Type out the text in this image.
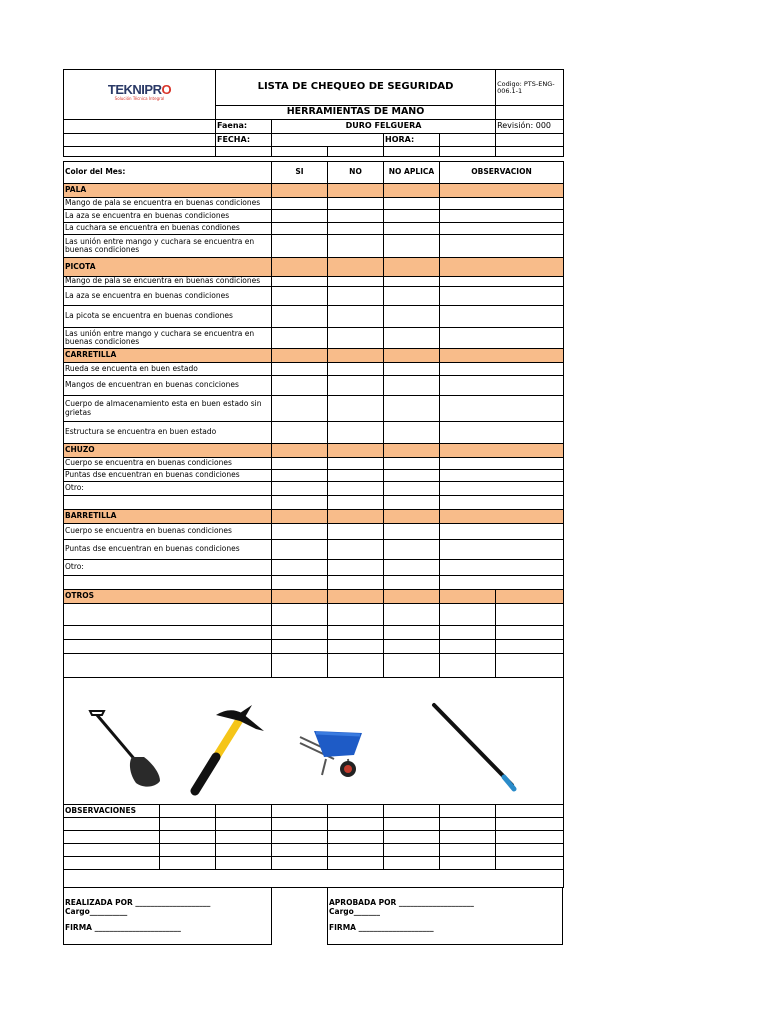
TEKNIPRO
Solución Técnica Integral	LISTA DE CHEQUEO DE SEGURIDAD					Codigo: PTS-ENG-006.1-1
	HERRAMIENTAS DE MANO					
	Faena:	DURO FELGUERA				Revisión: 000
	FECHA:			HORA:		

Color del Mes:	SI	NO	NO APLICA	OBSERVACION
PALA				
Mango de pala se encuentra en buenas condiciones				
La aza se encuentra en buenas condiciones				
La cuchara se encuentra en buenas condiones				
Las unión entre mango y cuchara se encuentra en buenas condiciones				
PICOTA				
Mango de pala se encuentra en buenas condiciones				
La aza se encuentra en buenas condiciones				
La picota se encuentra en buenas condiones				
Las unión entre mango y cuchara se encuentra en buenas condiciones				
CARRETILLA				
Rueda se encuenta en buen estado				
Mangos de encuentran en buenas conciciones				
Cuerpo de almacenamiento esta en buen estado sin grietas				
Estructura se encuentra en buen estado				
CHUZO				
Cuerpo se encuentra en buenas condiciones				
Puntas dse encuentran en buenas condiciones				
Otro:				

BARRETILLA				
Cuerpo se encuentra en buenas condiciones				
Puntas dse encuentran en buenas condiciones				
Otro:				

OTROS					

OBSERVACIONES							

REALIZADA POR ____________________
Cargo__________
FIRMA _______________________
APROBADA POR ____________________
Cargo_______
FIRMA ____________________
